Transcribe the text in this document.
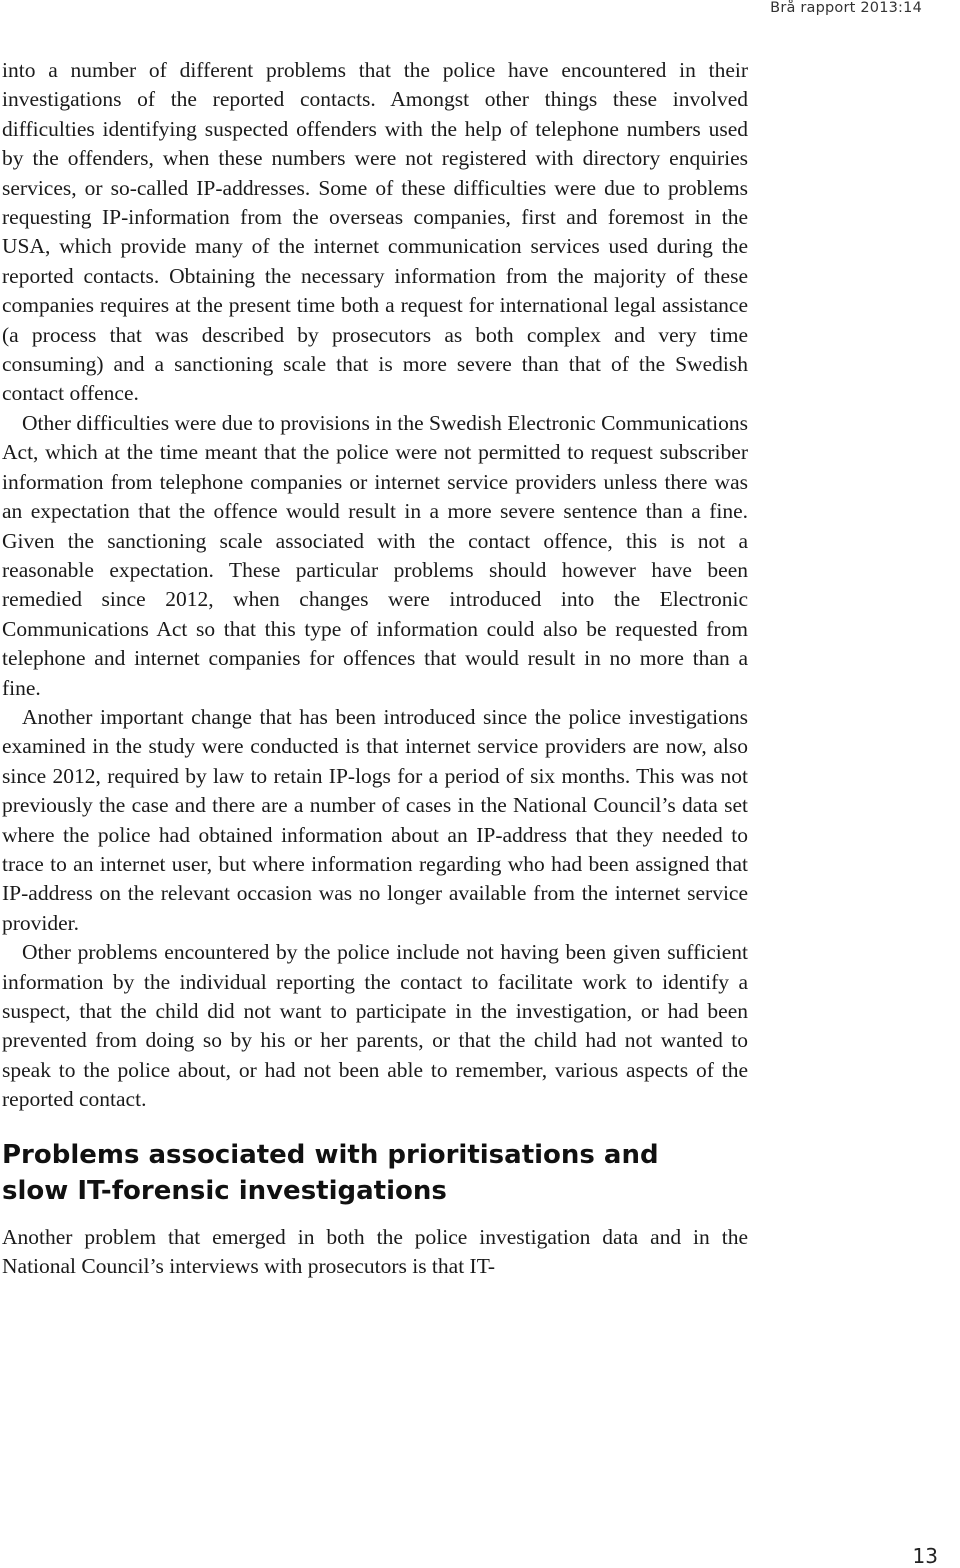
Brå rapport 2013:14

into a number of different problems that the police have encountered in their investigations of the reported contacts. Amongst other things these involved difficulties identifying suspected offenders with the help of telephone numbers used by the offenders, when these numbers were not registered with directory enquiries services, or so-called IP-addresses. Some of these difficulties were due to problems requesting IP-information from the overseas companies, first and foremost in the USA, which provide many of the internet communication services used during the reported contacts. Obtaining the necessary information from the majority of these companies requires at the present time both a request for international legal assistance (a process that was described by prosecutors as both complex and very time consuming) and a sanctioning scale that is more severe than that of the Swedish contact offence.

Other difficulties were due to provisions in the Swedish Electronic Communications Act, which at the time meant that the police were not permitted to request subscriber information from telephone companies or internet service providers unless there was an expectation that the offence would result in a more severe sentence than a fine. Given the sanctioning scale associated with the contact offence, this is not a reasonable expectation. These particular problems should however have been remedied since 2012, when changes were introduced into the Electronic Communications Act so that this type of information could also be requested from telephone and internet companies for offences that would result in no more than a fine.

Another important change that has been introduced since the police investigations examined in the study were conducted is that internet service providers are now, also since 2012, required by law to retain IP-logs for a period of six months. This was not previously the case and there are a number of cases in the National Council’s data set where the police had obtained information about an IP-address that they needed to trace to an internet user, but where information regarding who had been assigned that IP-address on the relevant occasion was no longer available from the internet service provider.

Other problems encountered by the police include not having been given sufficient information by the individual reporting the contact to facilitate work to identify a suspect, that the child did not want to participate in the investigation, or had been prevented from doing so by his or her parents, or that the child had not wanted to speak to the police about, or had not been able to remember, various aspects of the reported contact.

Problems associated with prioritisations and slow IT-forensic investigations

Another problem that emerged in both the police investigation data and in the National Council’s interviews with prosecutors is that IT-

13
